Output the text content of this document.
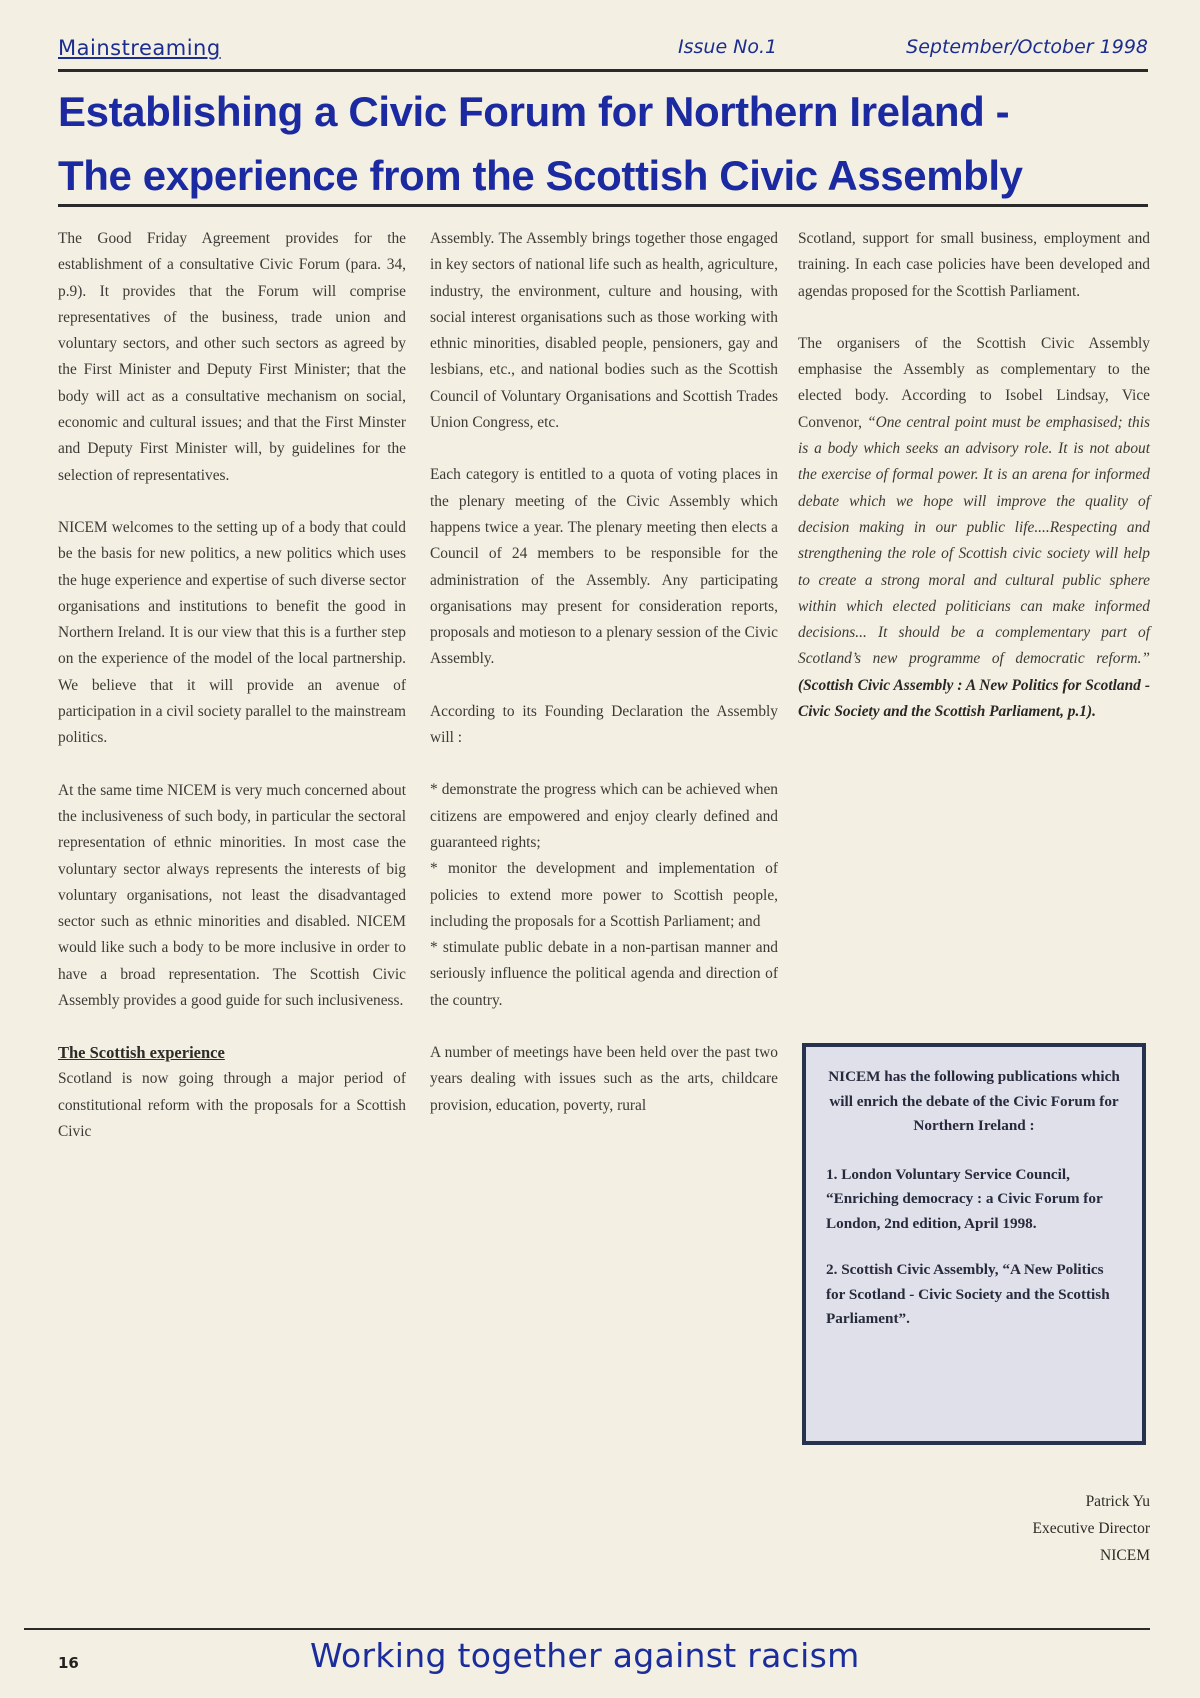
Mainstreaming	Issue No.1	September/October 1998
Establishing a Civic Forum for Northern Ireland -
The experience from the Scottish Civic Assembly

The Good Friday Agreement provides for the establishment of a consultative Civic Forum (para. 34, p.9). It provides that the Forum will comprise representatives of the business, trade union and voluntary sectors, and other such sectors as agreed by the First Minister and Deputy First Minister; that the body will act as a consultative mechanism on social, economic and cultural issues; and that the First Minster and Deputy First Minister will, by guidelines for the selection of representatives.

NICEM welcomes to the setting up of a body that could be the basis for new politics, a new politics which uses the huge experience and expertise of such diverse sector organisations and institutions to benefit the good in Northern Ireland. It is our view that this is a further step on the experience of the model of the local partnership. We believe that it will provide an avenue of participation in a civil society parallel to the mainstream politics.

At the same time NICEM is very much concerned about the inclusiveness of such body, in particular the sectoral representation of ethnic minorities. In most case the voluntary sector always represents the interests of big voluntary organisations, not least the disadvantaged sector such as ethnic minorities and disabled. NICEM would like such a body to be more inclusive in order to have a broad representation. The Scottish Civic Assembly provides a good guide for such inclusiveness.

The Scottish experience

Scotland is now going through a major period of constitutional reform with the proposals for a Scottish Civic

Assembly. The Assembly brings together those engaged in key sectors of national life such as health, agriculture, industry, the environment, culture and housing, with social interest organisations such as those working with ethnic minorities, disabled people, pensioners, gay and lesbians, etc., and national bodies such as the Scottish Council of Voluntary Organisations and Scottish Trades Union Congress, etc.

Each category is entitled to a quota of voting places in the plenary meeting of the Civic Assembly which happens twice a year. The plenary meeting then elects a Council of 24 members to be responsible for the administration of the Assembly. Any participating organisations may present for consideration reports, proposals and motieson to a plenary session of the Civic Assembly.

According to its Founding Declaration the Assembly will :

* demonstrate the progress which can be achieved when citizens are empowered and enjoy clearly defined and guaranteed rights;

* monitor the development and implementation of policies to extend more power to Scottish people, including the proposals for a Scottish Parliament; and

* stimulate public debate in a non-partisan manner and seriously influence the political agenda and direction of the country.

A number of meetings have been held over the past two years dealing with issues such as the arts, childcare provision, education, poverty, rural

Scotland, support for small business, employment and training. In each case policies have been developed and agendas proposed for the Scottish Parliament.

The organisers of the Scottish Civic Assembly emphasise the Assembly as complementary to the elected body. According to Isobel Lindsay, Vice Convenor, “One central point must be emphasised; this is a body which seeks an advisory role. It is not about the exercise of formal power. It is an arena for informed debate which we hope will improve the quality of decision making in our public life....Respecting and strengthening the role of Scottish civic society will help to create a strong moral and cultural public sphere within which elected politicians can make informed decisions... It should be a complementary part of Scotland’s new programme of democratic reform.” (Scottish Civic Assembly : A New Politics for Scotland - Civic Society and the Scottish Parliament, p.1).

NICEM has the following publications which will enrich the debate of the Civic Forum for Northern Ireland :
1. London Voluntary Service Council, “Enriching democracy : a Civic Forum for London, 2nd edition, April 1998.
2. Scottish Civic Assembly, “A New Politics for Scotland - Civic Society and the Scottish Parliament”.
Patrick Yu
Executive Director
NICEM
16	Working together against racism
